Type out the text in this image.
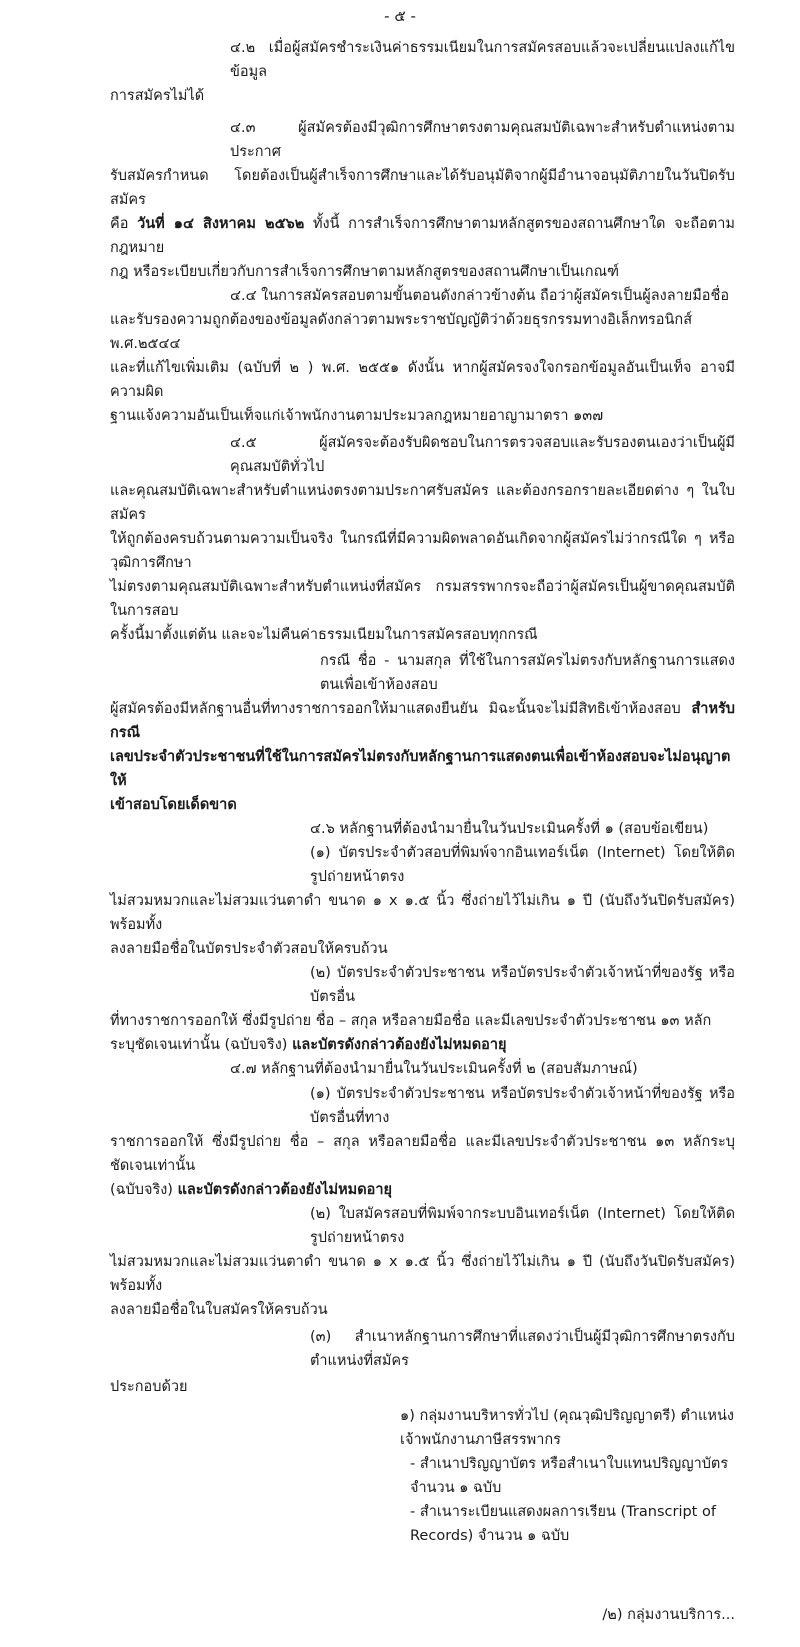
- ๕ -
๔.๒ เมื่อผู้สมัครชำระเงินค่าธรรมเนียมในการสมัครสอบแล้วจะเปลี่ยนแปลงแก้ไขข้อมูล
การสมัครไม่ได้
๔.๓ ผู้สมัครต้องมีวุฒิการศึกษาตรงตามคุณสมบัติเฉพาะสำหรับตำแหน่งตามประกาศ
รับสมัครกำหนด โดยต้องเป็นผู้สำเร็จการศึกษาและได้รับอนุมัติจากผู้มีอำนาจอนุมัติภายในวันปิดรับสมัคร
คือ วันที่ ๑๔ สิงหาคม ๒๕๖๒ ทั้งนี้ การสำเร็จการศึกษาตามหลักสูตรของสถานศึกษาใด จะถือตามกฎหมาย
กฎ หรือระเบียบเกี่ยวกับการสำเร็จการศึกษาตามหลักสูตรของสถานศึกษาเป็นเกณฑ์
๔.๔ ในการสมัครสอบตามขั้นตอนดังกล่าวข้างต้น ถือว่าผู้สมัครเป็นผู้ลงลายมือชื่อ
และรับรองความถูกต้องของข้อมูลดังกล่าวตามพระราชบัญญัติว่าด้วยธุรกรรมทางอิเล็กทรอนิกส์ พ.ศ.๒๕๔๔
และที่แก้ไขเพิ่มเติม (ฉบับที่ ๒ ) พ.ศ. ๒๕๕๑ ดังนั้น หากผู้สมัครจงใจกรอกข้อมูลอันเป็นเท็จ อาจมีความผิด
ฐานแจ้งความอันเป็นเท็จแก่เจ้าพนักงานตามประมวลกฎหมายอาญามาตรา ๑๓๗
๔.๕ ผู้สมัครจะต้องรับผิดชอบในการตรวจสอบและรับรองตนเองว่าเป็นผู้มีคุณสมบัติทั่วไป
และคุณสมบัติเฉพาะสำหรับตำแหน่งตรงตามประกาศรับสมัคร และต้องกรอกรายละเอียดต่าง ๆ ในใบสมัคร
ให้ถูกต้องครบถ้วนตามความเป็นจริง ในกรณีที่มีความผิดพลาดอันเกิดจากผู้สมัครไม่ว่ากรณีใด ๆ หรือวุฒิการศึกษา
ไม่ตรงตามคุณสมบัติเฉพาะสำหรับตำแหน่งที่สมัคร กรมสรรพากรจะถือว่าผู้สมัครเป็นผู้ขาดคุณสมบัติในการสอบ
ครั้งนี้มาตั้งแต่ต้น และจะไม่คืนค่าธรรมเนียมในการสมัครสอบทุกกรณี
กรณี ชื่อ - นามสกุล ที่ใช้ในการสมัครไม่ตรงกับหลักฐานการแสดงตนเพื่อเข้าห้องสอบ
ผู้สมัครต้องมีหลักฐานอื่นที่ทางราชการออกให้มาแสดงยืนยัน มิฉะนั้นจะไม่มีสิทธิเข้าห้องสอบ สำหรับกรณี
เลขประจำตัวประชาชนที่ใช้ในการสมัครไม่ตรงกับหลักฐานการแสดงตนเพื่อเข้าห้องสอบจะไม่อนุญาตให้
เข้าสอบโดยเด็ดขาด
๔.๖ หลักฐานที่ต้องนำมายื่นในวันประเมินครั้งที่ ๑ (สอบข้อเขียน)
(๑) บัตรประจำตัวสอบที่พิมพ์จากอินเทอร์เน็ต (Internet) โดยให้ติดรูปถ่ายหน้าตรง
ไม่สวมหมวกและไม่สวมแว่นตาดำ ขนาด ๑ x ๑.๕ นิ้ว ซึ่งถ่ายไว้ไม่เกิน ๑ ปี (นับถึงวันปิดรับสมัคร) พร้อมทั้ง
ลงลายมือชื่อในบัตรประจำตัวสอบให้ครบถ้วน
(๒) บัตรประจำตัวประชาชน หรือบัตรประจำตัวเจ้าหน้าที่ของรัฐ หรือบัตรอื่น
ที่ทางราชการออกให้ ซึ่งมีรูปถ่าย ชื่อ – สกุล หรือลายมือชื่อ และมีเลขประจำตัวประชาชน ๑๓ หลัก
ระบุชัดเจนเท่านั้น (ฉบับจริง) และบัตรดังกล่าวต้องยังไม่หมดอายุ
๔.๗ หลักฐานที่ต้องนำมายื่นในวันประเมินครั้งที่ ๒ (สอบสัมภาษณ์)
(๑) บัตรประจำตัวประชาชน หรือบัตรประจำตัวเจ้าหน้าที่ของรัฐ หรือบัตรอื่นที่ทาง
ราชการออกให้ ซึ่งมีรูปถ่าย ชื่อ – สกุล หรือลายมือชื่อ และมีเลขประจำตัวประชาชน ๑๓ หลักระบุชัดเจนเท่านั้น
(ฉบับจริง) และบัตรดังกล่าวต้องยังไม่หมดอายุ
(๒) ใบสมัครสอบที่พิมพ์จากระบบอินเทอร์เน็ต (Internet) โดยให้ติดรูปถ่ายหน้าตรง
ไม่สวมหมวกและไม่สวมแว่นตาดำ ขนาด ๑ x ๑.๕ นิ้ว ซึ่งถ่ายไว้ไม่เกิน ๑ ปี (นับถึงวันปิดรับสมัคร) พร้อมทั้ง
ลงลายมือชื่อในใบสมัครให้ครบถ้วน
(๓) สำเนาหลักฐานการศึกษาที่แสดงว่าเป็นผู้มีวุฒิการศึกษาตรงกับตำแหน่งที่สมัคร
ประกอบด้วย
๑) กลุ่มงานบริหารทั่วไป (คุณวุฒิปริญญาตรี) ตำแหน่งเจ้าพนักงานภาษีสรรพากร
- สำเนาปริญญาบัตร หรือสำเนาใบแทนปริญญาบัตร จำนวน ๑ ฉบับ
- สำเนาระเบียนแสดงผลการเรียน (Transcript of Records) จำนวน ๑ ฉบับ
/๒) กลุ่มงานบริการ...
